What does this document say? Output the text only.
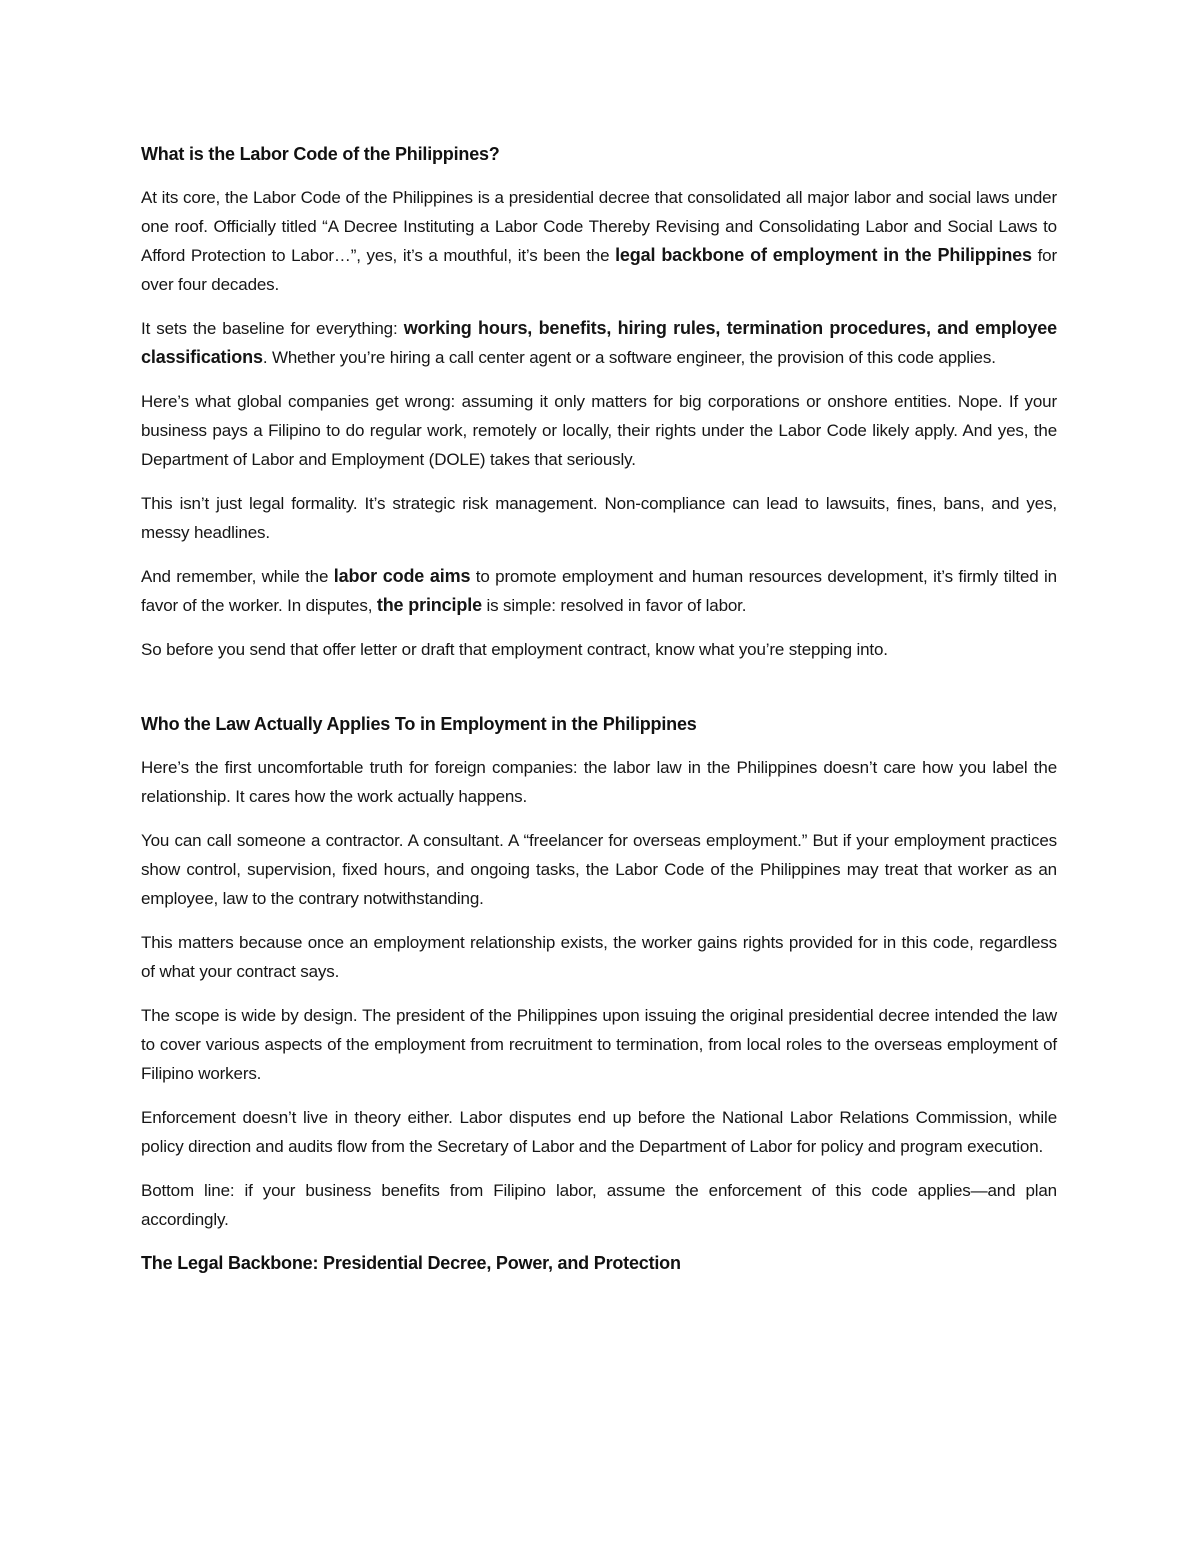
What is the Labor Code of the Philippines?

At its core, the Labor Code of the Philippines is a presidential decree that consolidated all major labor and social laws under one roof. Officially titled “A Decree Instituting a Labor Code Thereby Revising and Consolidating Labor and Social Laws to Afford Protection to Labor…”, yes, it’s a mouthful, it’s been the legal backbone of employment in the Philippines for over four decades.

It sets the baseline for everything: working hours, benefits, hiring rules, termination procedures, and employee classifications. Whether you’re hiring a call center agent or a software engineer, the provision of this code applies.

Here’s what global companies get wrong: assuming it only matters for big corporations or onshore entities. Nope. If your business pays a Filipino to do regular work, remotely or locally, their rights under the Labor Code likely apply. And yes, the Department of Labor and Employment (DOLE) takes that seriously.

This isn’t just legal formality. It’s strategic risk management. Non-compliance can lead to lawsuits, fines, bans, and yes, messy headlines.

And remember, while the labor code aims to promote employment and human resources development, it’s firmly tilted in favor of the worker. In disputes, the principle is simple: resolved in favor of labor.

So before you send that offer letter or draft that employment contract, know what you’re stepping into.

Who the Law Actually Applies To in Employment in the Philippines

Here’s the first uncomfortable truth for foreign companies: the labor law in the Philippines doesn’t care how you label the relationship. It cares how the work actually happens.

You can call someone a contractor. A consultant. A “freelancer for overseas employment.” But if your employment practices show control, supervision, fixed hours, and ongoing tasks, the Labor Code of the Philippines may treat that worker as an employee, law to the contrary notwithstanding.

This matters because once an employment relationship exists, the worker gains rights provided for in this code, regardless of what your contract says.

The scope is wide by design. The president of the Philippines upon issuing the original presidential decree intended the law to cover various aspects of the employment from recruitment to termination, from local roles to the overseas employment of Filipino workers.

Enforcement doesn’t live in theory either. Labor disputes end up before the National Labor Relations Commission, while policy direction and audits flow from the Secretary of Labor and the Department of Labor for policy and program execution.

Bottom line: if your business benefits from Filipino labor, assume the enforcement of this code applies—and plan accordingly.

The Legal Backbone: Presidential Decree, Power, and Protection
